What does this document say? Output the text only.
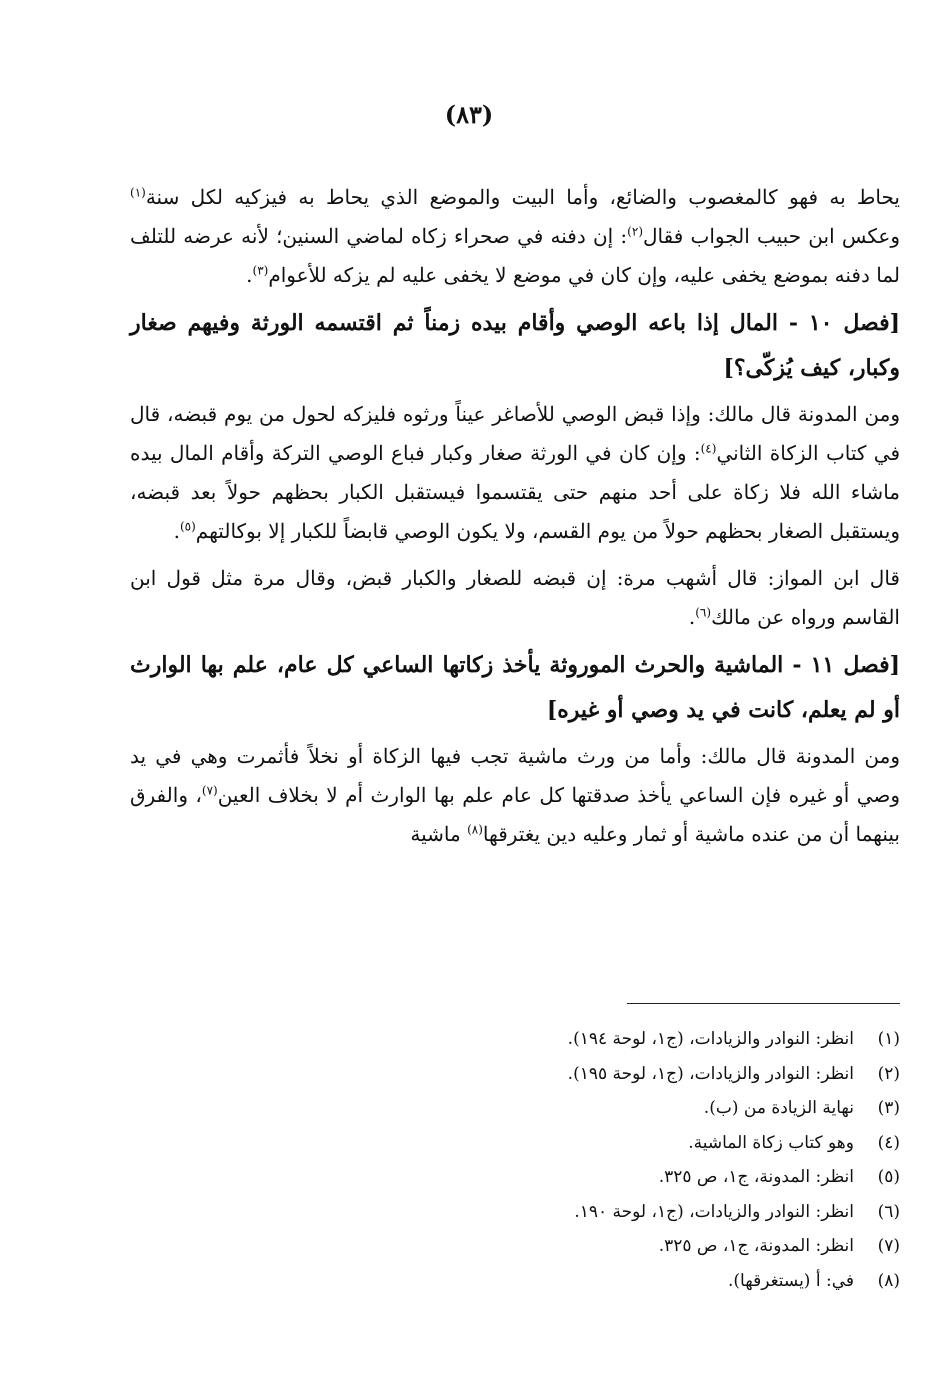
(٨٣)

يحاط به فهو كالمغصوب والضائع، وأما البيت والموضع الذي يحاط به فيزكيه لكل سنة$^{(١)}$ وعكس ابن حبيب الجواب فقال$^{(٢)}$: إن دفنه في صحراء زكاه لماضي السنين؛ لأنه عرضه للتلف لما دفنه بموضع يخفى عليه، وإن كان في موضع لا يخفى عليه لم يزكه للأعوام$^{(٣)}$.

[فصل ١٠ - المال إذا باعه الوصي وأقام بيده زمناً ثم اقتسمه الورثة وفيهم صغار وكبار، كيف يُزكّى؟]

ومن المدونة قال مالك: وإذا قبض الوصي للأصاغر عيناً ورثوه فليزكه لحول من يوم قبضه، قال في كتاب الزكاة الثاني$^{(٤)}$: وإن كان في الورثة صغار وكبار فباع الوصي التركة وأقام المال بيده ماشاء الله فلا زكاة على أحد منهم حتى يقتسموا فيستقبل الكبار بحظهم حولاً بعد قبضه، ويستقبل الصغار بحظهم حولاً من يوم القسم، ولا يكون الوصي قابضاً للكبار إلا بوكالتهم$^{(٥)}$.

قال ابن المواز: قال أشهب مرة: إن قبضه للصغار والكبار قبض، وقال مرة مثل قول ابن القاسم ورواه عن مالك$^{(٦)}$.

[فصل ١١ - الماشية والحرث الموروثة يأخذ زكاتها الساعي كل عام، علم بها الوارث أو لم يعلم، كانت في يد وصي أو غيره]

ومن المدونة قال مالك: وأما من ورث ماشية تجب فيها الزكاة أو نخلاً فأثمرت وهي في يد وصي أو غيره فإن الساعي يأخذ صدقتها كل عام علم بها الوارث أم لا بخلاف العين$^{(٧)}$، والفرق بينهما أن من عنده ماشية أو ثمار وعليه دين يغترقها$^{(٨)}$ ماشية

(١)
انظر: النوادر والزيادات، (ج١، لوحة ١٩٤).
(٢)
انظر: النوادر والزيادات، (ج١، لوحة ١٩٥).
(٣)
نهاية الزيادة من (ب).
(٤)
وهو كتاب زكاة الماشية.
(٥)
انظر: المدونة، ج١، ص ٣٢٥.
(٦)
انظر: النوادر والزيادات، (ج١، لوحة ١٩٠.
(٧)
انظر: المدونة، ج١، ص ٣٢٥.
(٨)
في: أ (يستغرقها).
